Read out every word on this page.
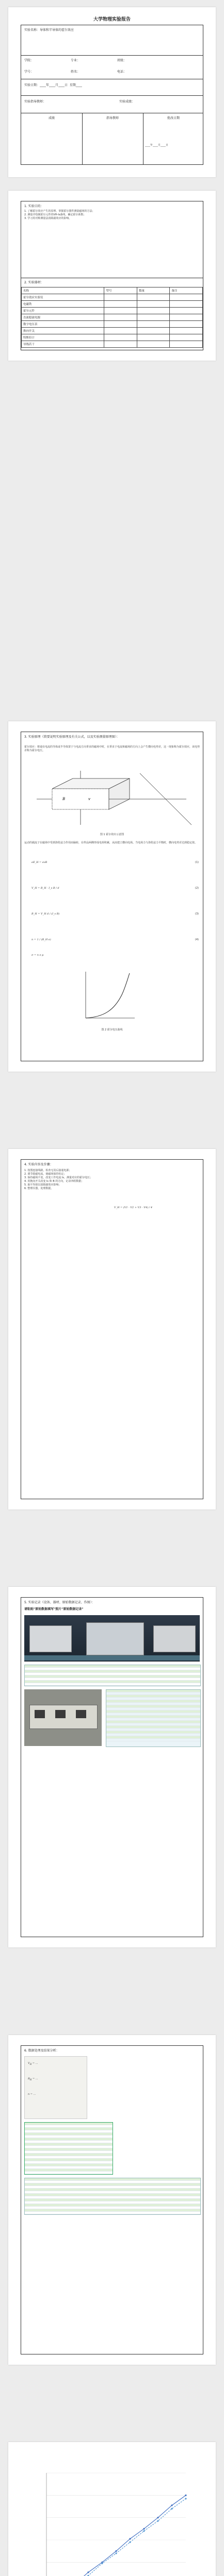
大学物理实验报告
实验名称：导体和半导体的霍尔效应
学院：	专业：	班级：
学号：	姓名：	电话：
实验日期：____年____月____日 星期____
实验指导教师：	实验成绩：
成绩	指导教师	批改日期
____年____月____日
1. 实验目的：
1. 了解霍尔效应产生的原理，掌握霍尔器件测量磁场的方法；
2. 测量并绘制霍尔元件的VH-Is曲线，确定霍尔系数；
3. 学习用对称测量法消除副效应的影响。
2. 实验器材：
名称	型号	数量	备注
霍尔效应实验仪			
电磁铁			
霍尔元件			
直流稳流电源			
数字电压表			
换向开关			
特斯拉计			
导线若干			
3. 实验原理（简要说明实验原理及有关公式，以及实验测量原理图）：
霍尔效应：将通有电流的导体或半导体置于与电流方向垂直的磁场中时，在垂直于电流和磁场的方向上会产生横向电势差，这一现象称为霍尔效应，该电势差称为霍尔电压。
B	v
图 1 霍尔效应示意图
运动的载流子在磁场中受到洛伦兹力作用而偏转，在样品两侧形成电荷积累，从而建立横向电场。当电场力与洛伦兹力平衡时，横向电势差达到稳定值。
eE_H = evB	(1)
V_H = R_H · I_s B / d	(2)
R_H = V_H d / (I_s B)	(3)
n = 1 / (R_H e)	(4)
σ = n e μ
图 2 霍尔电压曲线
4. 实验内容及步骤：
1. 按图连接线路，检查无误后接通电源；
2. 调节励磁电流，使磁场保持恒定；
3. 保持磁场不变，改变工作电流 Is，测量对应的霍尔电压；
4. 用换向开关改变 Is 和 B 的方向，记录四组数据；
5. 取平均值以消除副效应影响；
6. 整理仪器，处理数据。
V_H = (V1 - V2 + V3 - V4) / 4
5. 实验记录（设备、器材、原始数据记录、作图）：
请粘贴"原始数据填写"照片"原始数据记录"
6. 数据处理及结果分析：
$V_H$ = ...
$R_H$ = ...
n = ...
